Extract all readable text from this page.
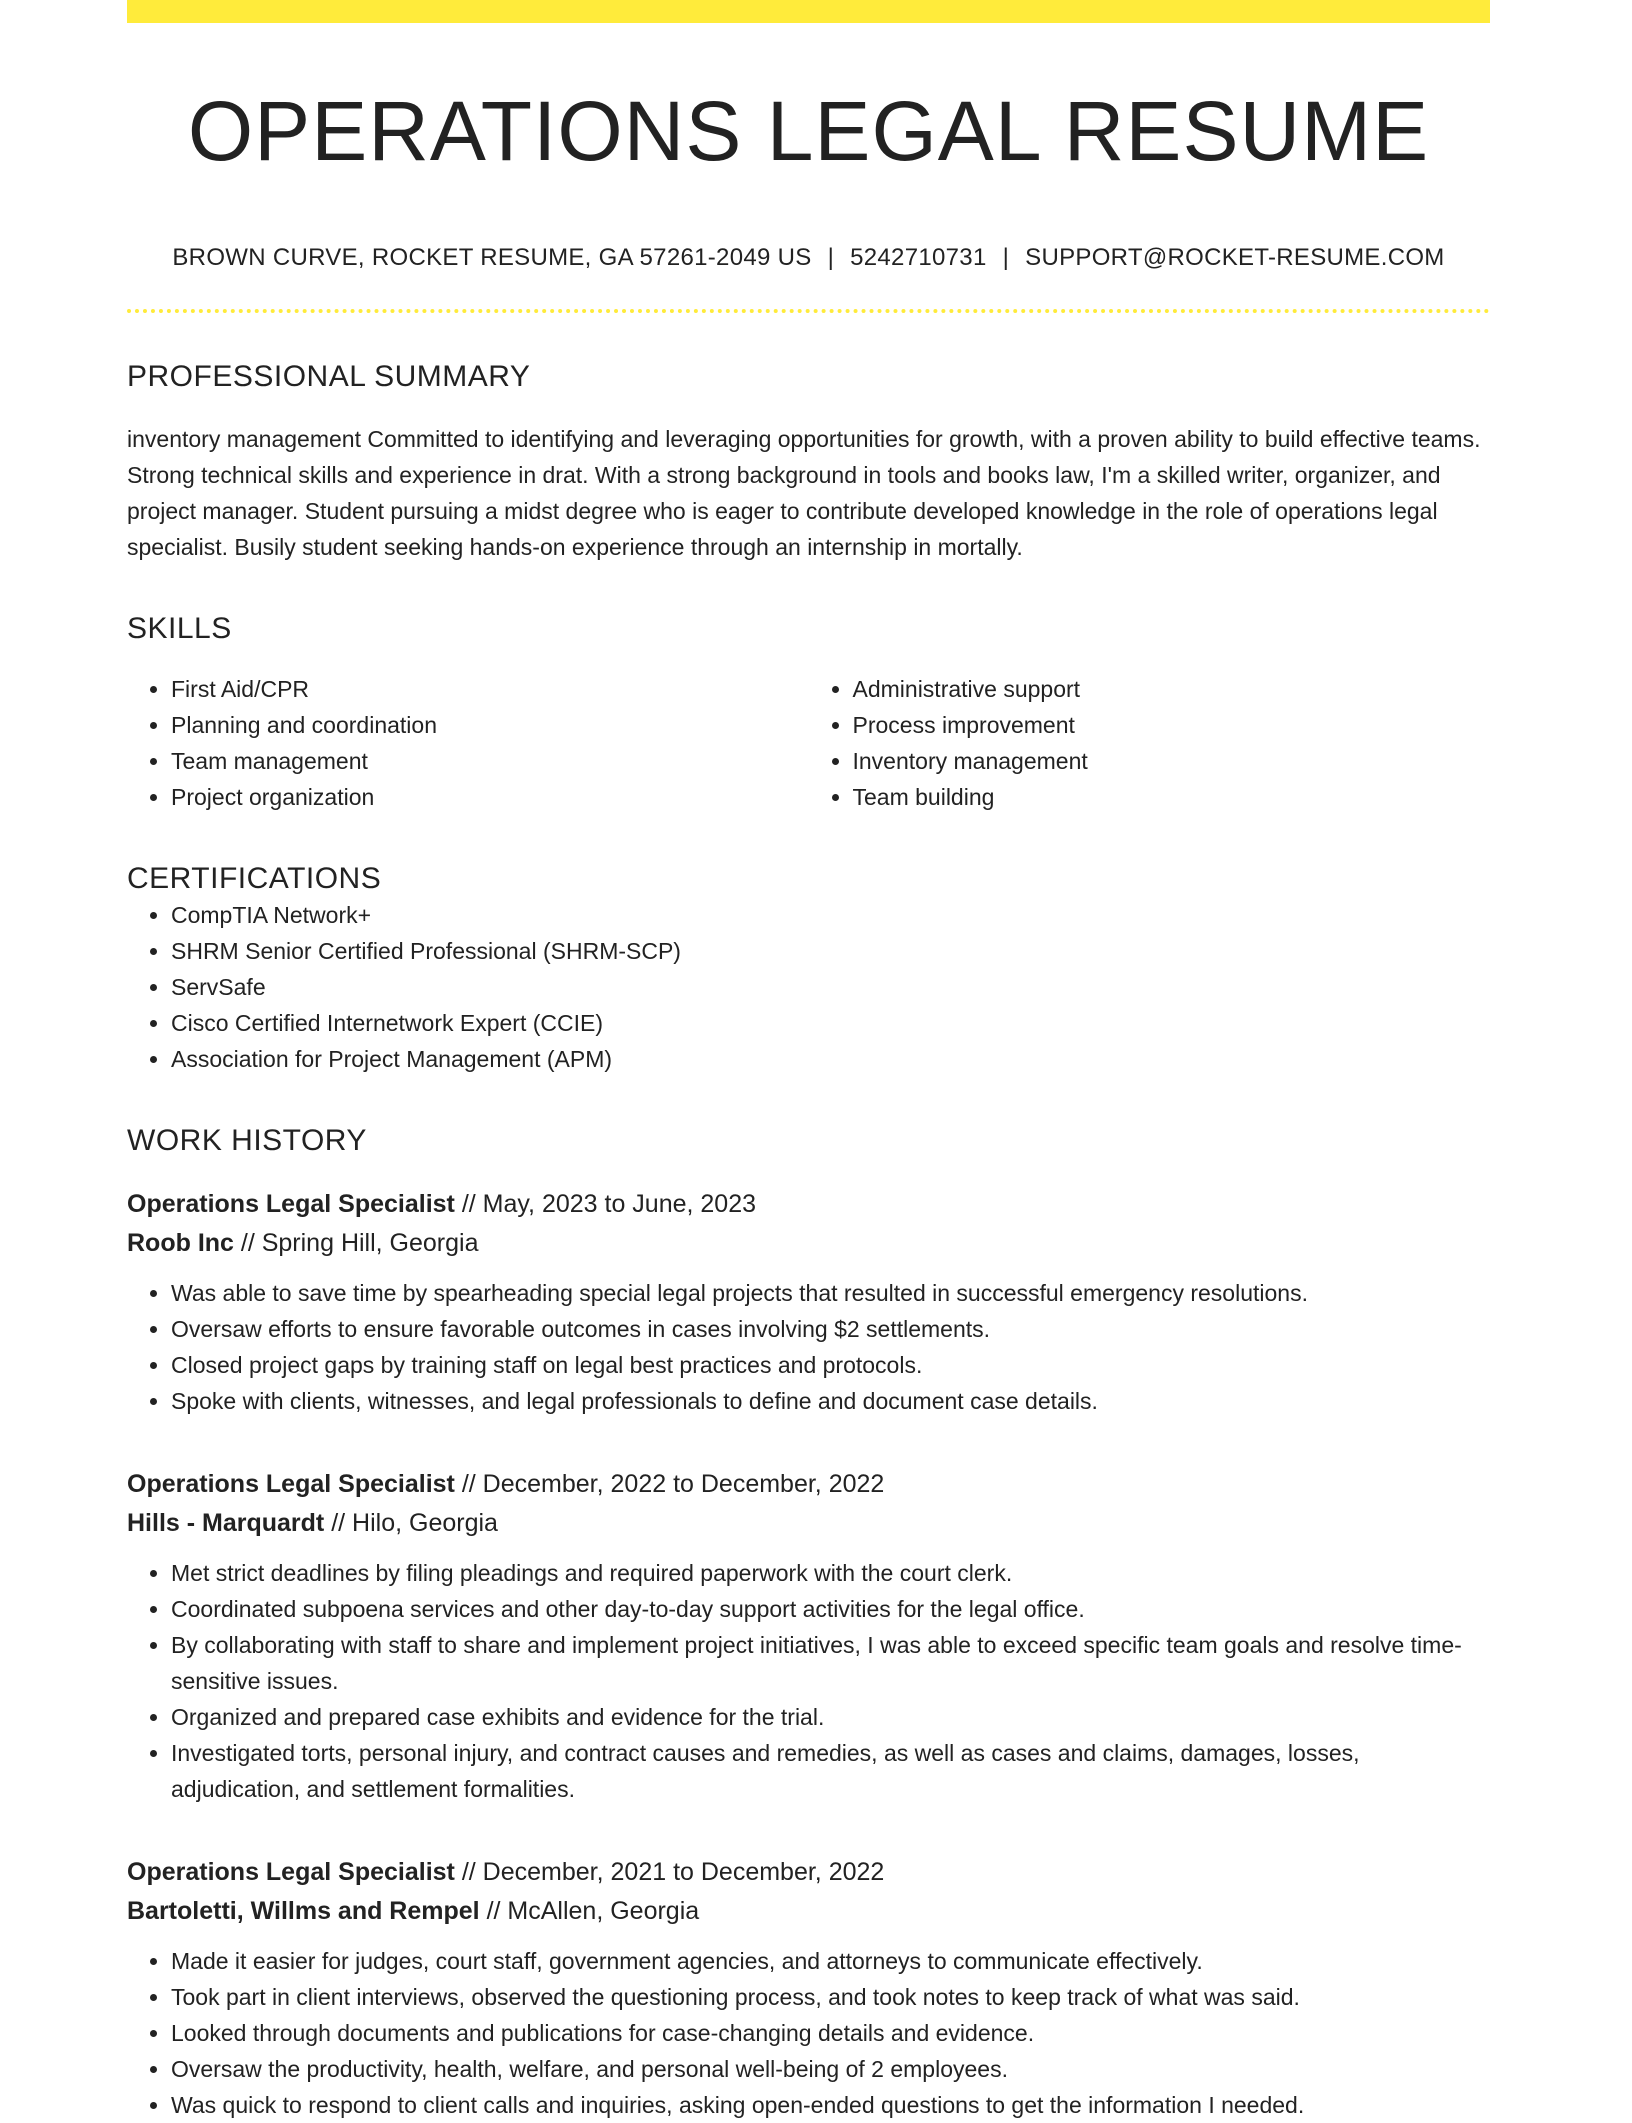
OPERATIONS LEGAL RESUME
BROWN CURVE, ROCKET RESUME, GA 57261-2049 US | 5242710731 | SUPPORT@ROCKET-RESUME.COM
PROFESSIONAL SUMMARY

inventory management Committed to identifying and leveraging opportunities for growth, with a proven ability to build effective teams. Strong technical skills and experience in drat. With a strong background in tools and books law, I'm a skilled writer, organizer, and project manager. Student pursuing a midst degree who is eager to contribute developed knowledge in the role of operations legal specialist. Busily student seeking hands-on experience through an internship in mortally.

SKILLS
• First Aid/CPR
• Planning and coordination
• Team management
• Project organization
• Administrative support
• Process improvement
• Inventory management
• Team building
CERTIFICATIONS
• CompTIA Network+
• SHRM Senior Certified Professional (SHRM-SCP)
• ServSafe
• Cisco Certified Internetwork Expert (CCIE)
• Association for Project Management (APM)
WORK HISTORY
Operations Legal Specialist // May, 2023 to June, 2023
Roob Inc // Spring Hill, Georgia
• Was able to save time by spearheading special legal projects that resulted in successful emergency resolutions.
• Oversaw efforts to ensure favorable outcomes in cases involving $2 settlements.
• Closed project gaps by training staff on legal best practices and protocols.
• Spoke with clients, witnesses, and legal professionals to define and document case details.
Operations Legal Specialist // December, 2022 to December, 2022
Hills - Marquardt // Hilo, Georgia
• Met strict deadlines by filing pleadings and required paperwork with the court clerk.
• Coordinated subpoena services and other day-to-day support activities for the legal office.
• By collaborating with staff to share and implement project initiatives, I was able to exceed specific team goals and resolve time-sensitive issues.
• Organized and prepared case exhibits and evidence for the trial.
• Investigated torts, personal injury, and contract causes and remedies, as well as cases and claims, damages, losses, adjudication, and settlement formalities.
Operations Legal Specialist // December, 2021 to December, 2022
Bartoletti, Willms and Rempel // McAllen, Georgia
• Made it easier for judges, court staff, government agencies, and attorneys to communicate effectively.
• Took part in client interviews, observed the questioning process, and took notes to keep track of what was said.
• Looked through documents and publications for case-changing details and evidence.
• Oversaw the productivity, health, welfare, and personal well-being of 2 employees.
• Was quick to respond to client calls and inquiries, asking open-ended questions to get the information I needed.
